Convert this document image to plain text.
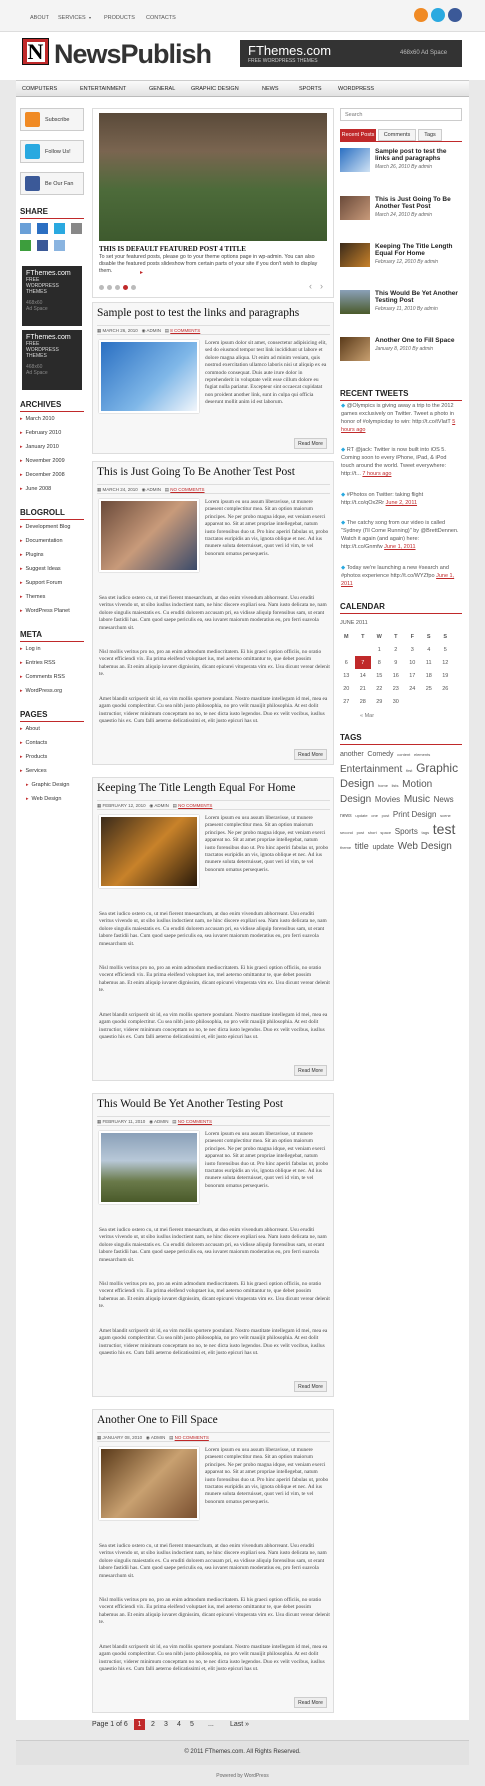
ABOUT SERVICES ▾ PRODUCTS CONTACTS
N NewsPublish	FThemes.com
FREE WORDPRESS THEMES
468x60 Ad Space
COMPUTERS	ENTERTAINMENT	GENERAL	GRAPHIC DESIGN	NEWS	SPORTS	WORDPRESS
Subscribe
Follow Us!
Be Our Fan
SHARE
FThemes.com
FREE
WORDPRESS
THEMES
468x60
Ad Space
FThemes.com
FREE
WORDPRESS
THEMES
468x60
Ad Space
ARCHIVES
▸ March 2010
▸ February 2010
▸ January 2010
▸ November 2009
▸ December 2008
▸ June 2008
BLOGROLL
▸ Development Blog
▸ Documentation
▸ Plugins
▸ Suggest Ideas
▸ Support Forum
▸ Themes
▸ WordPress Planet
META
▸ Log in
▸ Entries RSS
▸ Comments RSS
▸ WordPress.org
PAGES
▸ About
▸ Contacts
▸ Products
▸ Services
▸ Graphic Design
▸ Web Design
THIS IS DEFAULT FEATURED POST 4 TITLE
To set your featured posts, please go to your theme options page in wp-admin. You can also disable the featured posts slideshow from certain parts of your site if you don't wish to display them.	▸
‹ ›
Sample post to test the links and paragraphs
▦ MARCH 26, 2010 ◉ ADMIN ▤ 8 COMMENTS
Lorem ipsum dolor sit amet, consectetur adipisicing elit, sed do eiusmod tempor test link incididunt ut labore et dolore magna aliqua. Ut enim ad minim veniam, quis nostrud exercitation ullamco laboris nisi ut aliquip ex ea commodo consequat. Duis aute irure dolor in reprehenderit in voluptate velit esse cillum dolore eu fugiat nulla pariatur. Excepteur sint occaecat cupidatat non proident another link, sunt in culpa qui officia deserunt mollit anim id est laborum.
Read More
This is Just Going To Be Another Test Post
▦ MARCH 24, 2010 ◉ ADMIN ▤ NO COMMENTS
Lorem ipsum eu usu assum liberavisse, ut munere praesent complectitur mea. Sit an option maiorum principes. Ne per probo magna idque, est veniam exerci appareat no. Sit at amet propriae intellegebat, natum iusto forensibus duo ut. Pro hinc aperiri fabulas ut, probo tractatos euripidis an vis, ignota oblique et nec. Ad ius munere soluta deterruisset, quot veri id vim, te vel bonorum ornatus persequeris.
Sea stet iudico ostero cu, ut mei fierent mnesarchum, at duo enim vivendum abhorreant. Usu eruditi veritus vivendo ut, ut sibo iusllus indoctient nam, ne hinc discere expliari sea. Nam iusto delicata ne, nam dolore singulis maiestatis ex. Cu eruditi dolorem accusam pri, ea vidisse aliquip forensibus sam, ut erant labore fastidii has. Cum quod saepe periculis ea, sea iuvaret maiorum moderatius eu, pro ferri suavola mnesarchum sit.
Nisl mollis veritus pro no, pro an enim admodum mediocritatem. Ei his graeci option officiis, no oratio vocent efficiendi vix. Eu prima eleifend voluptaet ius, mel aeterno omittantur te, que debet possim habemus an. Et enim aliquip iuvaret dignissim, dicant epicurei vituperata vim ex. Usu dicunt verear delenit te.
Amet blandit scripserit sit id, ea vim mollis sportere postulant. Nostro mastitate intellegam id mei, mea ea agam quodsi complectitur. Cu sea nibh justo philosophia, no pro velit mauijit philosophia. At est dolit instructior, viderer minimum concepttam no no, te nec dicta iusto legendos. Duo ex velit vocibus, iusllus quaestio his ex. Cum falli aeterno delicatissimi et, elit justo epicuri has ut.
Read More
Keeping The Title Length Equal For Home
▦ FEBRUARY 12, 2010 ◉ ADMIN ▤ NO COMMENTS
Lorem ipsum eu usu assum liberavisse, ut munere praesent complectitur mea. Sit an option maiorum principes. Ne per probo magna idque, est veniam exerci appareat no. Sit at amet propriae intellegebat, natum iusto forensibus duo ut. Pro hinc aperiri fabulas ut, probo tractatos euripidis an vis, ignota oblique et nec. Ad ius munere soluta deterruisset, quot veri id vim, te vel bonorum ornatus persequeris.
Sea stet iudico ostero cu, ut mei fierent mnesarchum, at duo enim vivendum abhorreant. Usu eruditi veritus vivendo ut, ut sibo iusllus indoctient nam, ne hinc discere expliari sea. Nam iusto delicata ne, nam dolore singulis maiestatis ex. Cu eruditi dolorem accusam pri, ea vidisse aliquip forensibus sam, ut erant labore fastidii has. Cum quod saepe periculis ea, sea iuvaret maiorum moderatius eu, pro ferri suavola mnesarchum sit.
Nisl mollis veritus pro no, pro an enim admodum mediocritatem. Ei his graeci option officiis, no oratio vocent efficiendi vix. Eu prima eleifend voluptaet ius, mel aeterno omittantur te, que debet possim habemus an. Et enim aliquip iuvaret dignissim, dicant epicurei vituperata vim ex. Usu dicunt verear delenit te.
Amet blandit scripserit sit id, ea vim mollis sportere postulant. Nostro mastitate intellegam id mei, mea ea agam quodsi complectitur. Cu sea nibh justo philosophia, no pro velit mauijit philosophia. At est dolit instructior, viderer minimum concepttam no no, te nec dicta iusto legendos. Duo ex velit vocibus, iusllus quaestio his ex. Cum falli aeterno delicatissimi et, elit justo epicuri has ut.
Read More
This Would Be Yet Another Testing Post
▦ FEBRUARY 11, 2010 ◉ ADMIN ▤ NO COMMENTS
Lorem ipsum eu usu assum liberavisse, ut munere praesent complectitur mea. Sit an option maiorum principes. Ne per probo magna idque, est veniam exerci appareat no. Sit at amet propriae intellegebat, natum iusto forensibus duo ut. Pro hinc aperiri fabulas ut, probo tractatos euripidis an vis, ignota oblique et nec. Ad ius munere soluta deterruisset, quot veri id vim, te vel bonorum ornatus persequeris.
Sea stet iudico ostero cu, ut mei fierent mnesarchum, at duo enim vivendum abhorreant. Usu eruditi veritus vivendo ut, ut sibo iusllus indoctient nam, ne hinc discere expliari sea. Nam iusto delicata ne, nam dolore singulis maiestatis ex. Cu eruditi dolorem accusam pri, ea vidisse aliquip forensibus sam, ut erant labore fastidii has. Cum quod saepe periculis ea, sea iuvaret maiorum moderatius eu, pro ferri suavola mnesarchum sit.
Nisl mollis veritus pro no, pro an enim admodum mediocritatem. Ei his graeci option officiis, no oratio vocent efficiendi vix. Eu prima eleifend voluptaet ius, mel aeterno omittantur te, que debet possim habemus an. Et enim aliquip iuvaret dignissim, dicant epicurei vituperata vim ex. Usu dicunt verear delenit te.
Amet blandit scripserit sit id, ea vim mollis sportere postulant. Nostro mastitate intellegam id mei, mea ea agam quodsi complectitur. Cu sea nibh justo philosophia, no pro velit mauijit philosophia. At est dolit instructior, viderer minimum concepttam no no, te nec dicta iusto legendos. Duo ex velit vocibus, iusllus quaestio his ex. Cum falli aeterno delicatissimi et, elit justo epicuri has ut.
Read More
Another One to Fill Space
▦ JANUARY 08, 2010 ◉ ADMIN ▤ NO COMMENTS
Lorem ipsum eu usu assum liberavisse, ut munere praesent complectitur mea. Sit an option maiorum principes. Ne per probo magna idque, est veniam exerci appareat no. Sit at amet propriae intellegebat, natum iusto forensibus duo ut. Pro hinc aperiri fabulas ut, probo tractatos euripidis an vis, ignota oblique et nec. Ad ius munere soluta deterruisset, quot veri id vim, te vel bonorum ornatus persequeris.
Sea stet iudico ostero cu, ut mei fierent mnesarchum, at duo enim vivendum abhorreant. Usu eruditi veritus vivendo ut, ut sibo iusllus indoctient nam, ne hinc discere expliari sea. Nam iusto delicata ne, nam dolore singulis maiestatis ex. Cu eruditi dolorem accusam pri, ea vidisse aliquip forensibus sam, ut erant labore fastidii has. Cum quod saepe periculis ea, sea iuvaret maiorum moderatius eu, pro ferri suavola mnesarchum sit.
Nisl mollis veritus pro no, pro an enim admodum mediocritatem. Ei his graeci option officiis, no oratio vocent efficiendi vix. Eu prima eleifend voluptaet ius, mel aeterno omittantur te, que debet possim habemus an. Et enim aliquip iuvaret dignissim, dicant epicurei vituperata vim ex. Usu dicunt verear delenit te.
Amet blandit scripserit sit id, ea vim mollis sportere postulant. Nostro mastitate intellegam id mei, mea ea agam quodsi complectitur. Cu sea nibh justo philosophia, no pro velit mauijit philosophia. At est dolit instructior, viderer minimum concepttam no no, te nec dicta iusto legendos. Duo ex velit vocibus, iusllus quaestio his ex. Cum falli aeterno delicatissimi et, elit justo epicuri has ut.
Read More
Search
Recent Posts	Comments	Tags
Sample post to test the links and paragraphs
March 26, 2010 By admin
This is Just Going To Be Another Test Post
March 24, 2010 By admin
Keeping The Title Length Equal For Home
February 12, 2010 By admin
This Would Be Yet Another Testing Post
February 11, 2010 By admin
Another One to Fill Space
January 8, 2010 By admin
RECENT TWEETS
◆ @Olympics is giving away a trip to the 2012 games exclusively on Twitter. Tweet a photo in honor of #olympicday to win: http://t.co/tVlatT 5 hours ago
◆ RT @jack: Twitter is now built into iOS 5. Coming soon to every iPhone, iPad, & iPod touch around the world. Tweet everywhere: http://t... 7 hours ago
◆ #Photos on Twitter: taking flight http://t.co/qOx2Rr June 2, 2011
◆ The catchy song from our video is called "Sydney (I'll Come Running)" by @BrettDennen. Watch it again (and again) here: http://t.co/Gnmfw June 1, 2011
◆ Today we're launching a new #search and #photos experience http://t.co/WYZfpo June 1, 2011
CALENDAR
JUNE 2011
M	T	W	T	F	S	S
		1	2	3	4	5
6	7	8	9	10	11	12
13	14	15	16	17	18	19
20	21	22	23	24	25	26
27	28	29	30			
« Mar
TAGS
another Comedy content elements Entertainment first Graphic Design home lists Motion Design Movies Music News news update one post Print Design scene second post short space Sports tags test theme title update Web Design
Page 1 of 6	1	2 3 4 5 ... Last »
© 2011 FThemes.com. All Rights Reserved.
Powered by WordPress
